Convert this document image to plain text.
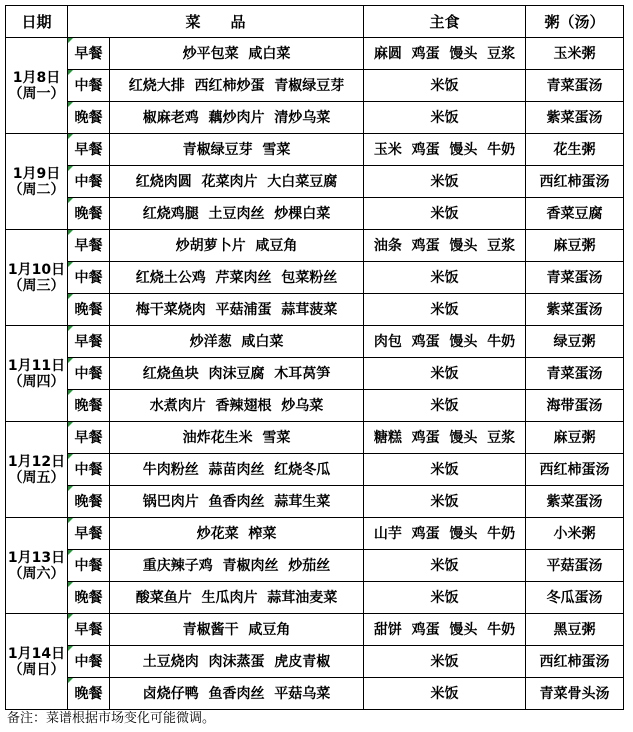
日期	菜　　品		主食	粥（汤）

1月8日
（周一）	早餐	炒平包菜  咸白菜	麻圆  鸡蛋  馒头  豆浆	玉米粥
	中餐	红烧大排  西红柿炒蛋  青椒绿豆芽	米饭	青菜蛋汤
	晚餐	椒麻老鸡  藕炒肉片  清炒乌菜	米饭	紫菜蛋汤

1月9日
（周二）	早餐	青椒绿豆芽  雪菜	玉米  鸡蛋  馒头  牛奶	花生粥
	中餐	红烧肉圆  花菜肉片  大白菜豆腐	米饭	西红柿蛋汤
	晚餐	红烧鸡腿  土豆肉丝  炒棵白菜	米饭	香菜豆腐

1月10日
（周三）	早餐	炒胡萝卜片  咸豆角	油条  鸡蛋  馒头  豆浆	麻豆粥
	中餐	红烧土公鸡  芹菜肉丝  包菜粉丝	米饭	青菜蛋汤
	晚餐	梅干菜烧肉  平菇浦蛋  蒜茸菠菜	米饭	紫菜蛋汤

1月11日
（周四）	早餐	炒洋葱  咸白菜	肉包  鸡蛋  馒头  牛奶	绿豆粥
	中餐	红烧鱼块  肉沫豆腐  木耳莴笋	米饭	青菜蛋汤
	晚餐	水煮肉片  香辣翅根  炒乌菜	米饭	海带蛋汤

1月12日
（周五）	早餐	油炸花生米  雪菜	糖糕  鸡蛋  馒头  豆浆	麻豆粥
	中餐	牛肉粉丝  蒜苗肉丝  红烧冬瓜	米饭	西红柿蛋汤
	晚餐	锅巴肉片  鱼香肉丝  蒜茸生菜	米饭	紫菜蛋汤

1月13日
（周六）	早餐	炒花菜  榨菜	山芋  鸡蛋  馒头  牛奶	小米粥
	中餐	重庆辣子鸡  青椒肉丝  炒茄丝	米饭	平菇蛋汤
	晚餐	酸菜鱼片  生瓜肉片  蒜茸油麦菜	米饭	冬瓜蛋汤

1月14日
（周日）	早餐	青椒酱干  咸豆角	甜饼  鸡蛋  馒头  牛奶	黑豆粥
	中餐	土豆烧肉  肉沫蒸蛋  虎皮青椒	米饭	西红柿蛋汤
	晚餐	卤烧仔鸭  鱼香肉丝  平菇乌菜	米饭	青菜骨头汤
备注：菜谱根据市场变化可能微调。
